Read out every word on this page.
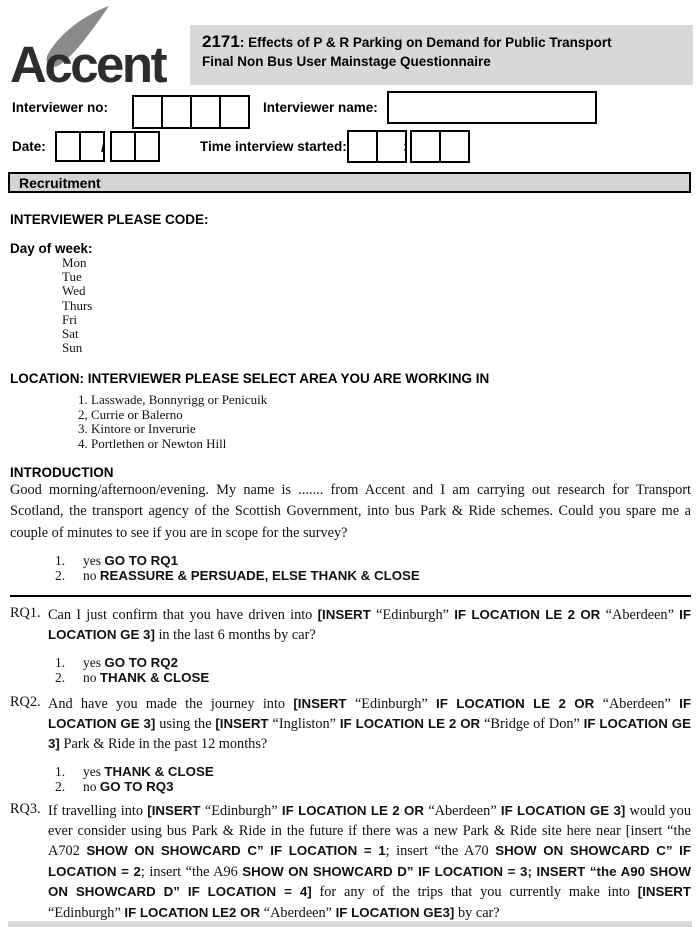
Accent 2171: Effects of P & R Parking on Demand for Public Transport
Final Non Bus User Mainstage Questionnaire
Interviewer no:	Interviewer name:
Date:	/	Time interview started:	:
Recruitment
INTERVIEWER PLEASE CODE:
Day of week:
Mon
Tue
Wed
Thurs
Fri
Sat
Sun
LOCATION: INTERVIEWER PLEASE SELECT AREA YOU ARE WORKING IN
1. Lasswade, Bonnyrigg or Penicuik
2, Currie or Balerno
3. Kintore or Inverurie
4. Portlethen or Newton Hill
INTRODUCTION
Good morning/afternoon/evening. My name is ....... from Accent and I am carrying out research for Transport Scotland, the transport agency of the Scottish Government, into bus Park & Ride schemes. Could you spare me a couple of minutes to see if you are in scope for the survey?
1. yes GO TO RQ1
2. no REASSURE & PERSUADE, ELSE THANK & CLOSE
RQ1. Can I just confirm that you have driven into [INSERT “Edinburgh” IF LOCATION LE 2 OR “Aberdeen” IF LOCATION GE 3] in the last 6 months by car?
1. yes GO TO RQ2
2. no THANK & CLOSE
RQ2. And have you made the journey into [INSERT “Edinburgh” IF LOCATION LE 2 OR “Aberdeen” IF LOCATION GE 3] using the [INSERT “Ingliston” IF LOCATION LE 2 OR “Bridge of Don” IF LOCATION GE 3] Park & Ride in the past 12 months?
1. yes THANK & CLOSE
2. no GO TO RQ3
RQ3. If travelling into [INSERT “Edinburgh” IF LOCATION LE 2 OR “Aberdeen” IF LOCATION GE 3] would you ever consider using bus Park & Ride in the future if there was a new Park & Ride site here near [insert “the A702 SHOW ON SHOWCARD C” IF LOCATION = 1; insert “the A70 SHOW ON SHOWCARD C” IF LOCATION = 2; insert “the A96 SHOW ON SHOWCARD D” IF LOCATION = 3; INSERT “the A90 SHOW ON SHOWCARD D” IF LOCATION = 4] for any of the trips that you currently make into [INSERT “Edinburgh” IF LOCATION LE2 OR “Aberdeen” IF LOCATION GE3] by car?
